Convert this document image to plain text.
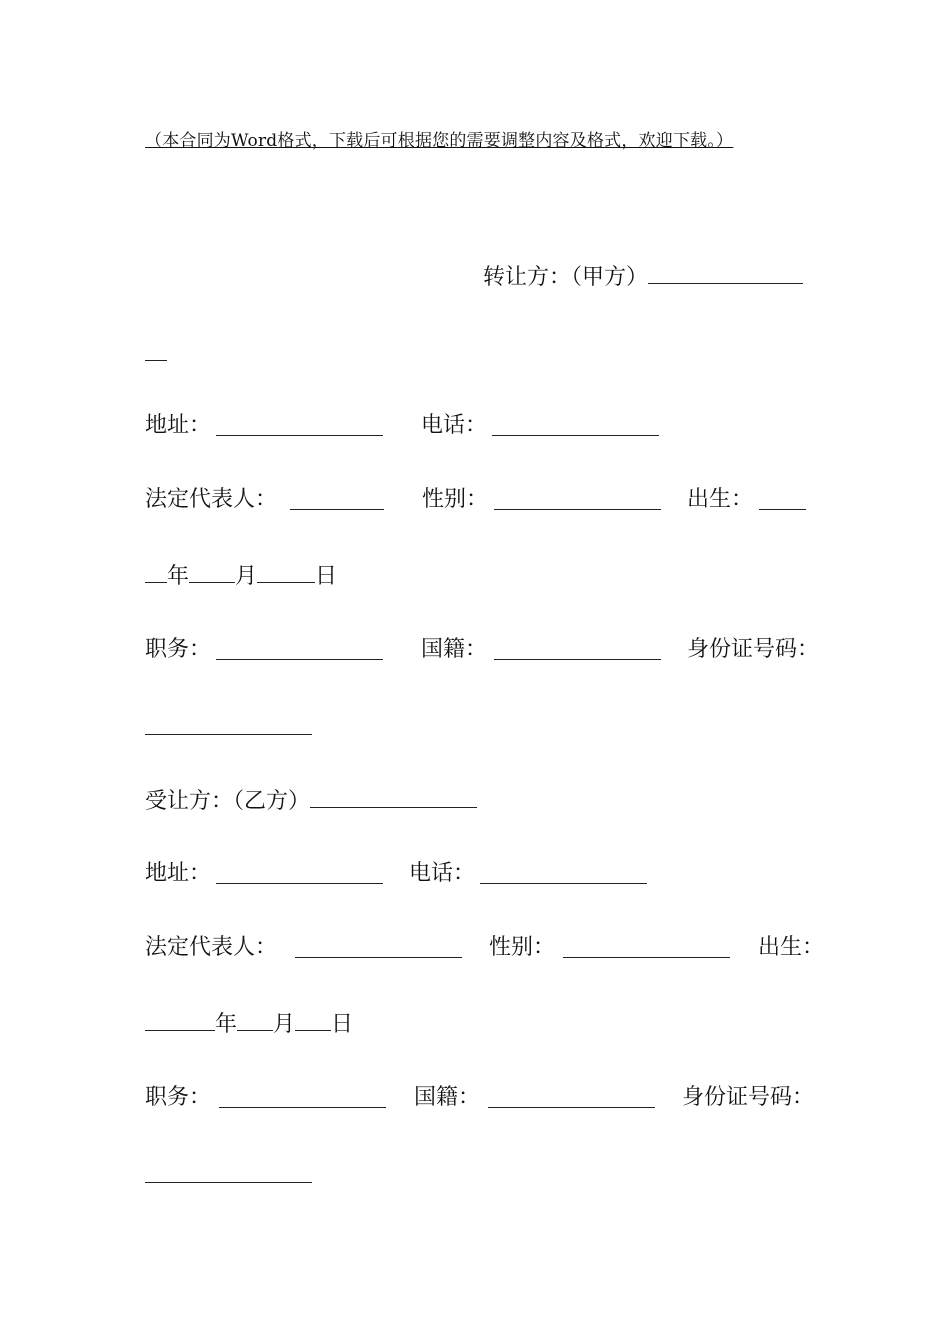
（本合同为Word格式，下载后可根据您的需要调整内容及格式，欢迎下载。）
转让方：（甲方）
地址：	电话：
法定代表人：	性别：	出生：
年 月	日
职务：	国籍：	身份证号码：
受让方：（乙方）
地址：	电话：
法定代表人：	性别：	出生：
年 月 日
职务：	国籍：	身份证号码：
